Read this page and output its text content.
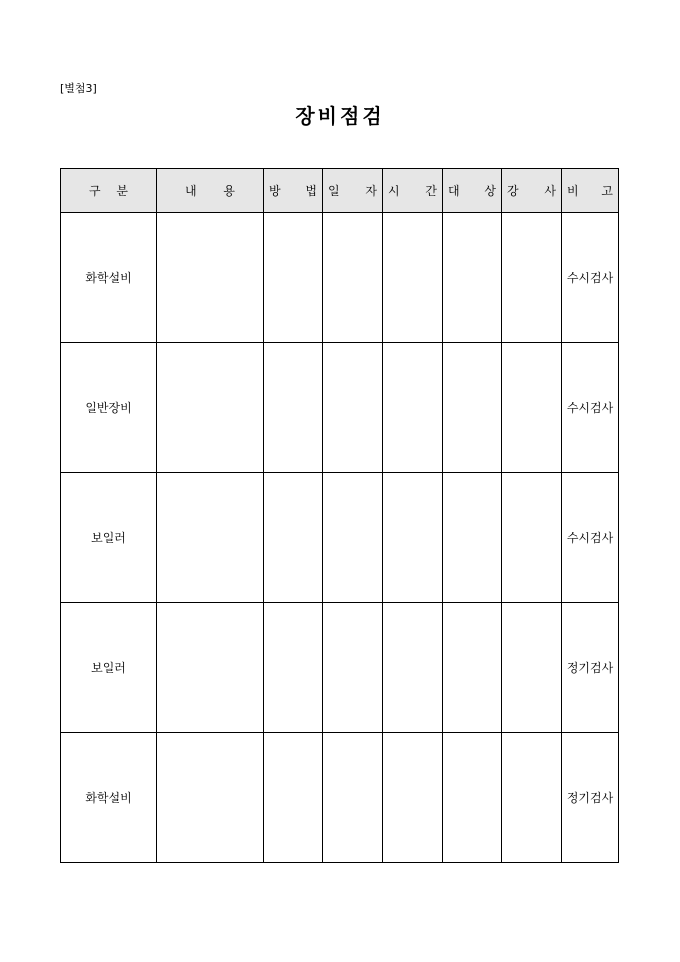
[별첨3]
장비점검
구 분	내 용	방 법	일 자	시 간	대 상	강 사	비 고

화학설비							수시검사
일반장비							수시검사
보일러							수시검사
보일러							정기검사
화학설비							정기검사
